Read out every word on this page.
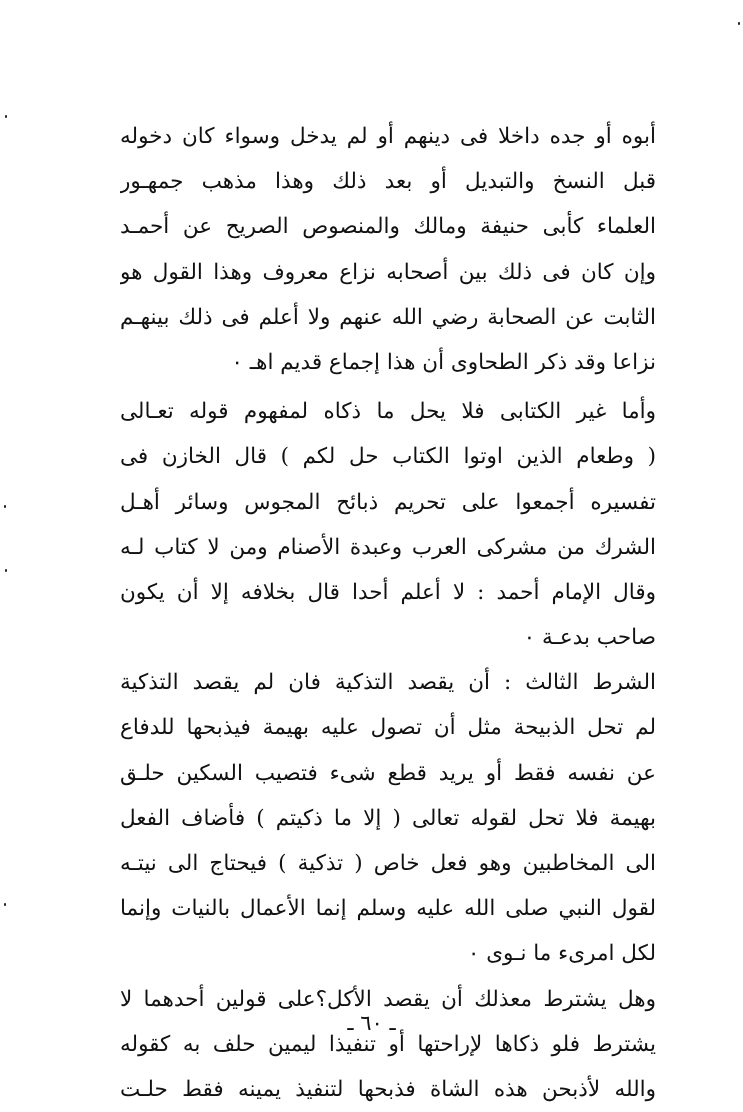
أبوه أو جده داخلا فى دينهم أو لم يدخل وسواء كان دخوله
قبل النسخ والتبديل أو بعد ذلك وهذا مذهب جمهـور
العلماء كأبى حنيفة ومالك والمنصوص الصريح عن أحمـد
وإن كان فى ذلك بين أصحابه نزاع معروف وهذا القول هو
الثابت عن الصحابة رضي الله عنهم ولا أعلم فى ذلك بينهـم
نزاعا وقد ذكر الطحاوى أن هذا إجماع قديم اهـ ٠
وأما غير الكتابى فلا يحل ما ذكاه لمفهوم قوله تعـالى
( وطعام الذين اوتوا الكتاب حل لكم ) قال الخازن فى
تفسيره أجمعوا على تحريم ذبائح المجوس وسائر أهـل
الشرك من مشركى العرب وعبدة الأصنام ومن لا كتاب لـه
وقال الإمام أحمد : لا أعلم أحدا قال بخلافه إلا أن يكون
صاحب بدعـة ٠
الشرط الثالث : أن يقصد التذكية فان لم يقصد التذكية
لم تحل الذبيحة مثل أن تصول عليه بهيمة فيذبحها للدفاع
عن نفسه فقط أو يريد قطع شىء فتصيب السكين حلـق
بهيمة فلا تحل لقوله تعالى ( إلا ما ذكيتم ) فأضاف الفعل
الى المخاطبين وهو فعل خاص ( تذكية ) فيحتاج الى نيتـه
لقول النبي صلى الله عليه وسلم إنما الأعمال بالنيات وإنما
لكل امرىء ما نـوى ٠
وهل يشترط معذلك أن يقصد الأكل؟على قولين أحدهما لا
يشترط فلو ذكاها لإراحتها أو تنفيذا ليمين حلف به كقوله
والله لأذبحن هذه الشاة فذبحها لتنفيذ يمينه فقط حلـت
ـ ٦٠ ـ
